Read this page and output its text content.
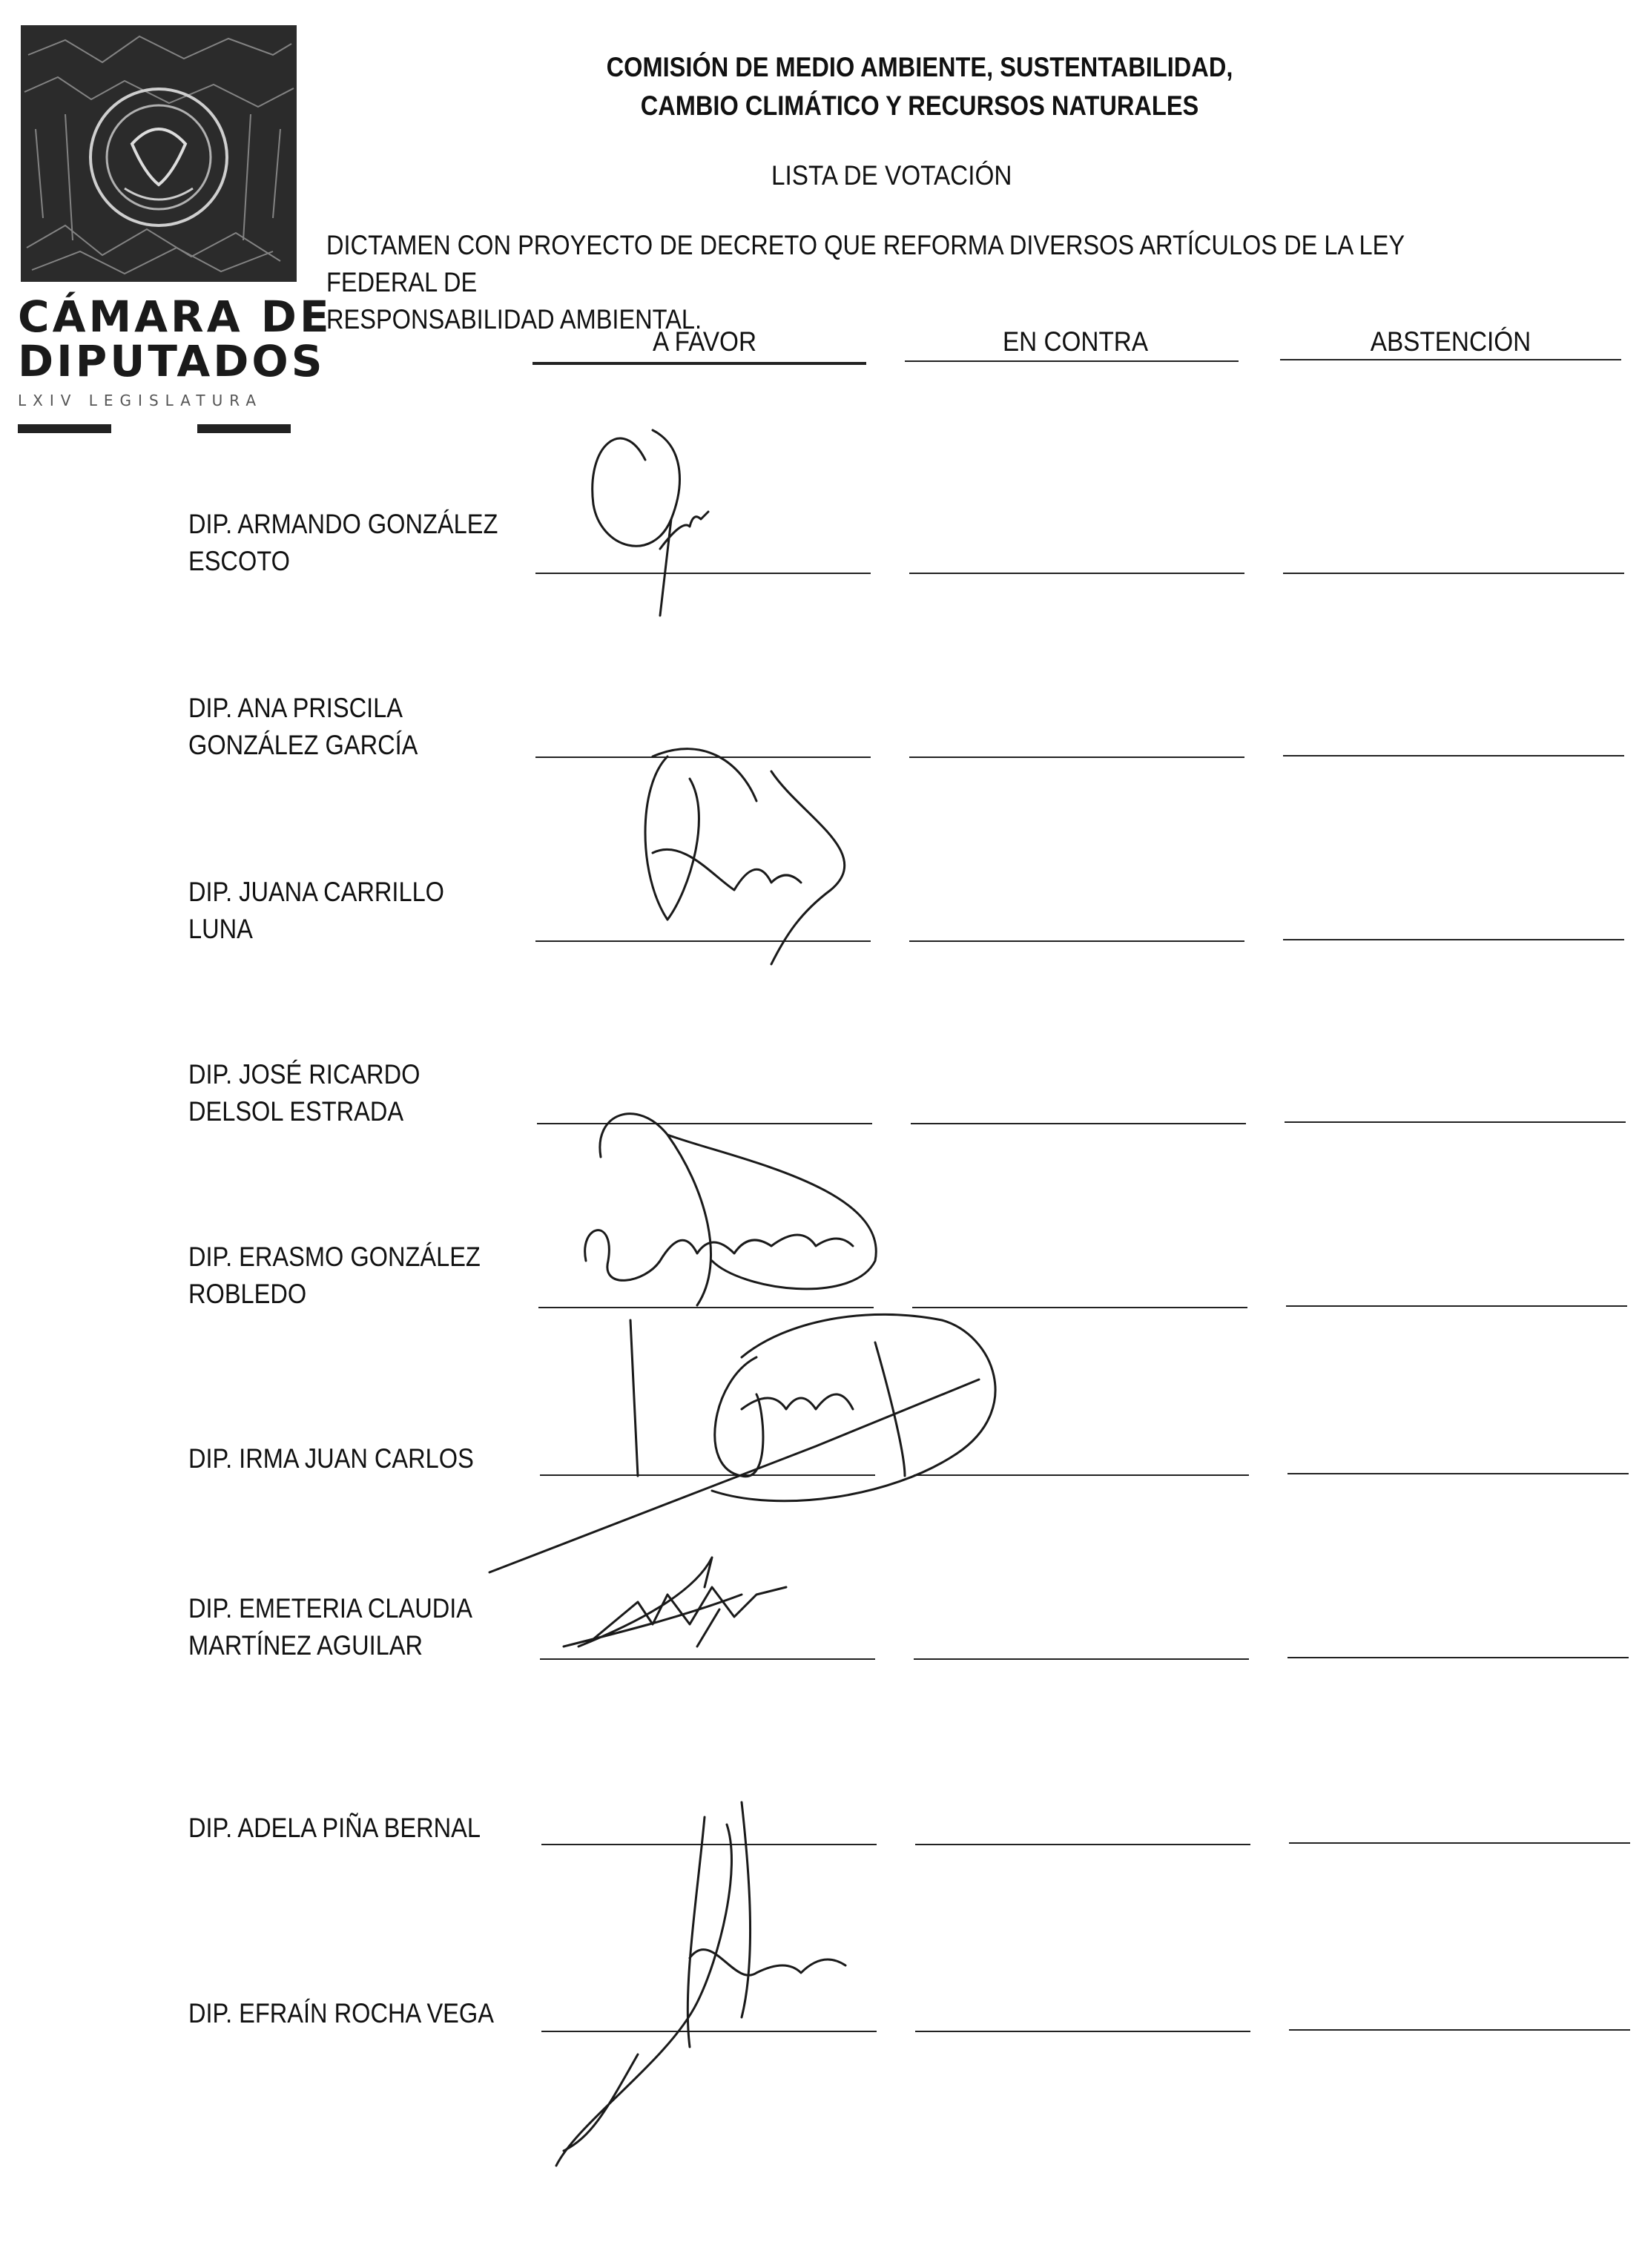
CÁMARA DE
DIPUTADOS
LXIV LEGISLATURA
COMISIÓN DE MEDIO AMBIENTE, SUSTENTABILIDAD,
CAMBIO CLIMÁTICO Y RECURSOS NATURALES
LISTA DE VOTACIÓN
DICTAMEN CON PROYECTO DE DECRETO QUE REFORMA DIVERSOS ARTÍCULOS DE LA LEY FEDERAL DE
RESPONSABILIDAD AMBIENTAL.
A FAVOR	EN CONTRA	ABSTENCIÓN
DIP. ARMANDO GONZÁLEZ
ESCOTO
DIP. ANA PRISCILA
GONZÁLEZ GARCÍA
DIP. JUANA CARRILLO
LUNA
DIP. JOSÉ RICARDO
DELSOL ESTRADA
DIP. ERASMO GONZÁLEZ
ROBLEDO
DIP. IRMA JUAN CARLOS
DIP. EMETERIA CLAUDIA
MARTÍNEZ AGUILAR
DIP. ADELA PIÑA BERNAL
DIP. EFRAÍN ROCHA VEGA
